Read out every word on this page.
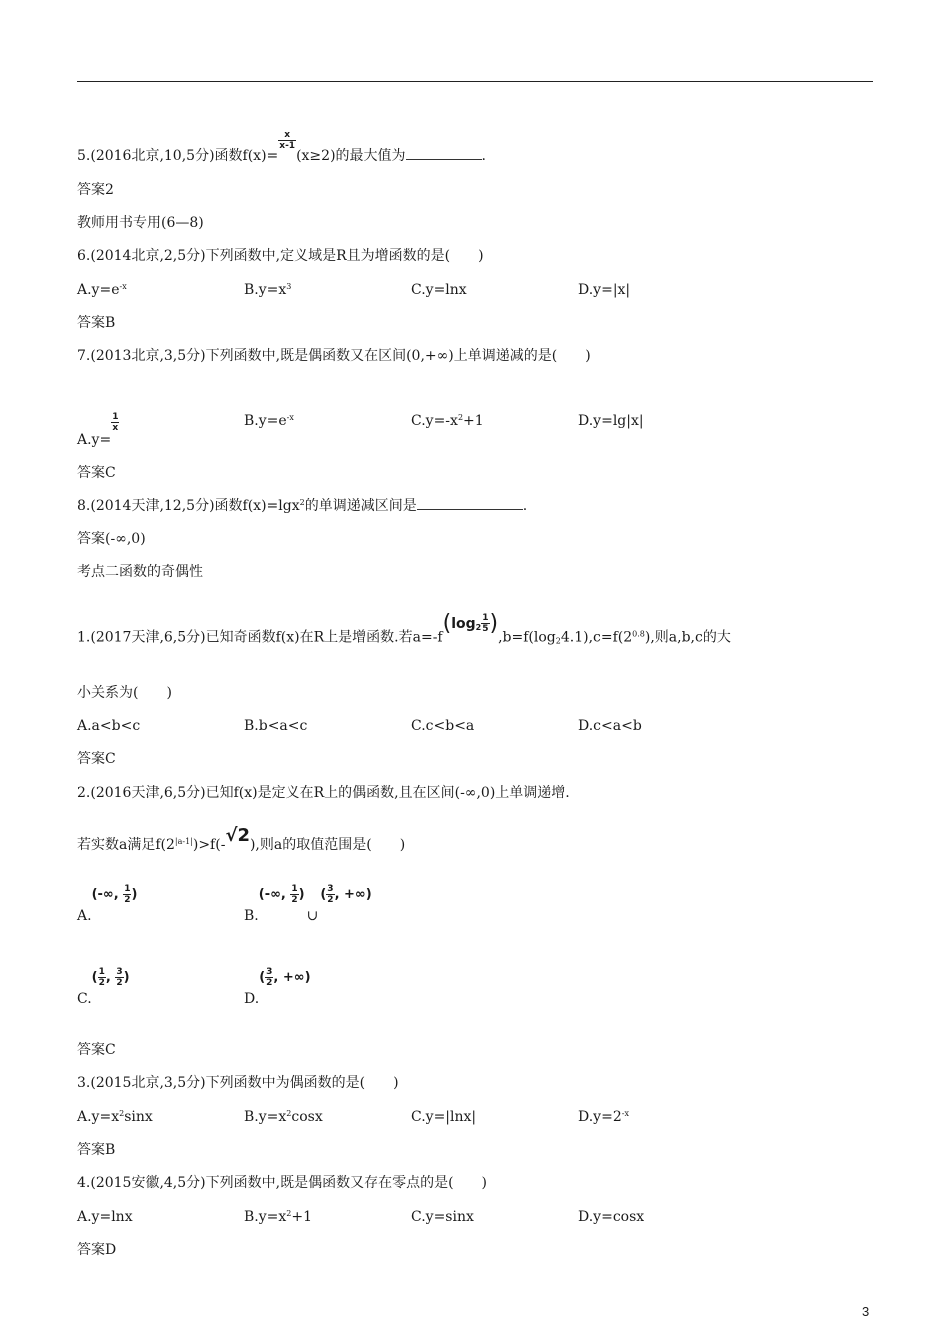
5.(2016北京,10,5分)函数f(x)=
$\frac{x}{x-1}$
(x≥2)的最大值为	.
答案2
教师用书专用(6—8)
6.(2014北京,2,5分)下列函数中,定义域是R且为增函数的是(　　)
$A.y=e^{-x}$	$B.y=x^3$	C.y=lnx	D.y=|x|
答案B
7.(2013北京,3,5分)下列函数中,既是偶函数又在区间(0,+∞)上单调递减的是(　　)
A.y=
$\frac{1}{x}$	$B.y=e^{-x}$	$C.y=-x^2+1$	D.y=lg|x|
答案C
8.(2014天津,12,5分)函数f(x)=lgx$^2$的单调递减区间是	.
答案(-∞,0)
考点二函数的奇偶性
1.(2017天津,6,5分)已知奇函数f(x)在R上是增函数.若$a=-f(\log_2 \frac{1}{5} ),b=f(\log_24.1),c=f(2^{0.8})$,则a,b,c的大
小关系为(　　)
A.a<b<c	B.b<a<c	C.c<b<a	D.c<a<b
答案C
2.(2016天津,6,5分)已知f(x)是定义在R上的偶函数,且在区间(-∞,0)上单调递增.
若实数a满足$f(2^{|a-1|})>f(-√2)$,则a的取值范围是(　　)
A.(-∞, $\frac{1}{2}$ )
B.(-∞, $\frac{1}{2}$ )∪( $\frac{3}{2}$ , +∞)
$C.( \frac{1}{2}$ , $\frac{3}{2}$ )
$D.( \frac{3}{2}$ , +∞)
答案C
3.(2015北京,3,5分)下列函数中为偶函数的是(　　)
$A.y=x^2\sin x$	$B.y=x^2\cos x$	C.y=|lnx|	$D.y=2^{-x}$
答案B
4.(2015安徽,4,5分)下列函数中,既是偶函数又存在零点的是(　　)
A.y=lnx	$B.y=x^2+1$	C.y=sinx	D.y=cosx
答案D
3
